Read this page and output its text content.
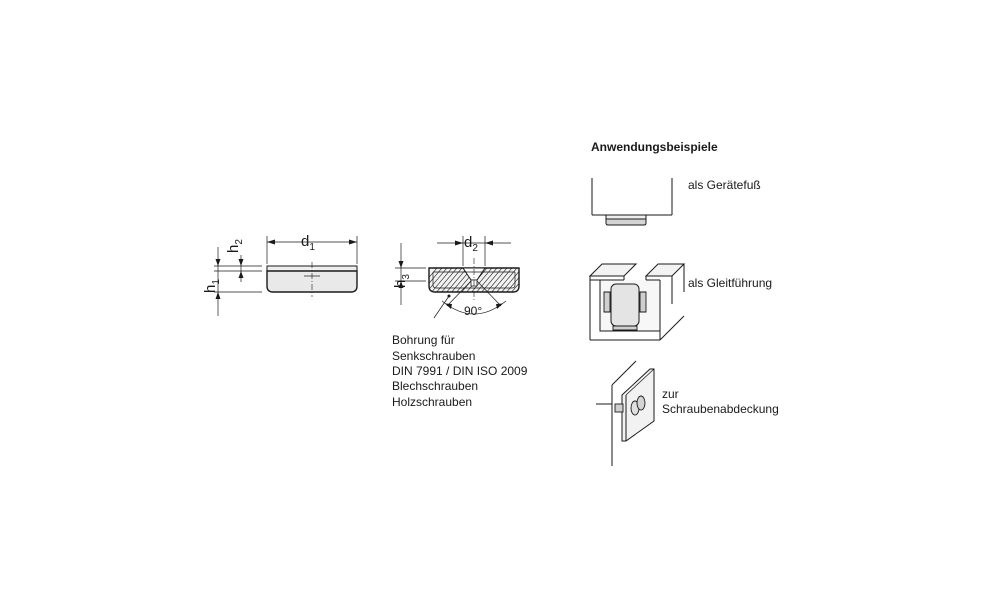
$d_1$
$h_2$
$h_1$
$d_2$
$h_3$
90°
Bohrung für
Senkschrauben
DIN 7991 / DIN ISO 2009
Blechschrauben
Holzschrauben
Anwendungsbeispiele
als Gerätefuß
als Gleitführung
zur
Schraubenabdeckung
